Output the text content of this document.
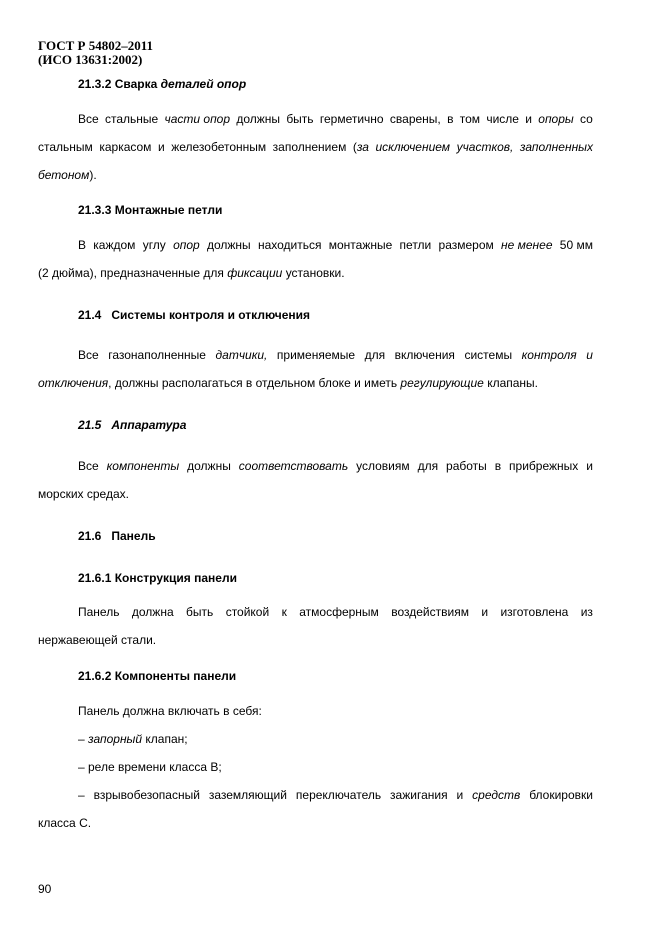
ГОСТ Р 54802–2011
(ИСО 13631:2002)
21.3.2 Сварка деталей опор
Все стальные части опор должны быть герметично сварены, в том числе и опоры со
стальным каркасом и железобетонным заполнением (за исключением участков, заполненных
бетоном).
21.3.3 Монтажные петли
В каждом углу опор должны находиться монтажные петли размером не менее 50 мм
(2 дюйма), предназначенные для фиксации установки.
21.4 Системы контроля и отключения
Все газонаполненные датчики, применяемые для включения системы контроля и
отключения, должны располагаться в отдельном блоке и иметь регулирующие клапаны.
21.5 Аппаратура
Все компоненты должны соответствовать условиям для работы в прибрежных и
морских средах.
21.6 Панель
21.6.1 Конструкция панели
Панель должна быть стойкой к атмосферным воздействиям и изготовлена из
нержавеющей стали.
21.6.2 Компоненты панели
Панель должна включать в себя:
– запорный клапан;
– реле времени класса В;
– взрывобезопасный заземляющий переключатель зажигания и средств блокировки
класса С.
90
